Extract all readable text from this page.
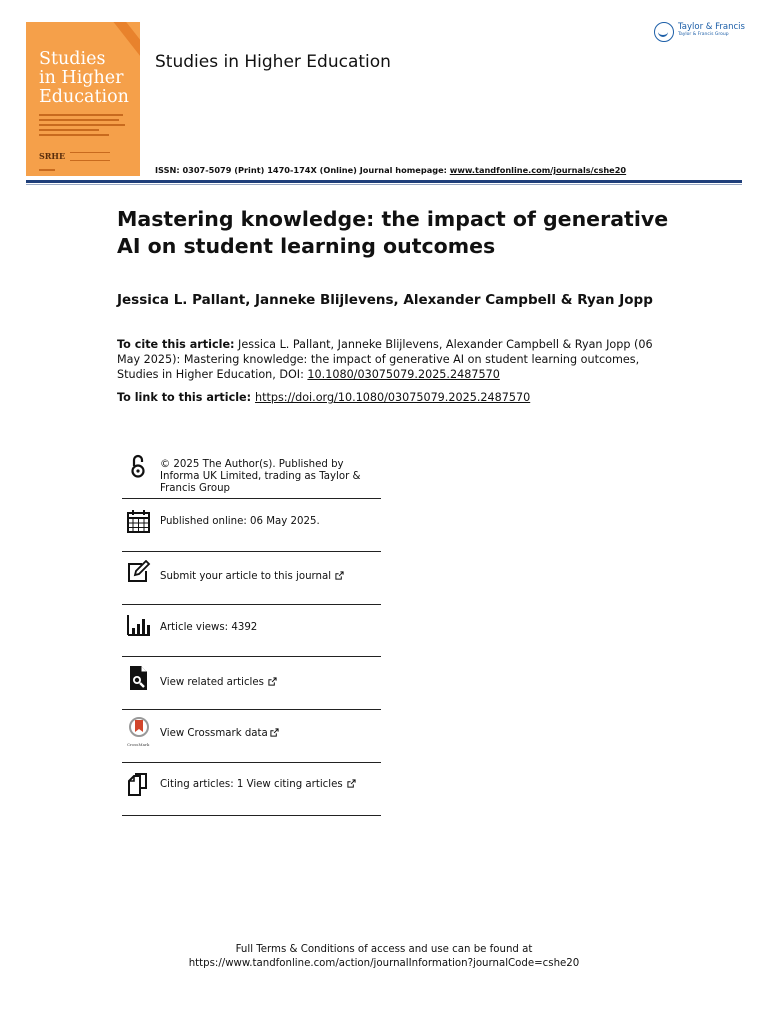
Studies
in Higher
Education
SRHE
Studies in Higher Education
Taylor & Francis
Taylor & Francis Group
ISSN: 0307-5079 (Print) 1470-174X (Online) Journal homepage: www.tandfonline.com/journals/cshe20
Mastering knowledge: the impact of generative AI on student learning outcomes
Jessica L. Pallant, Janneke Blijlevens, Alexander Campbell & Ryan Jopp
To cite this article: Jessica L. Pallant, Janneke Blijlevens, Alexander Campbell & Ryan Jopp (06 May 2025): Mastering knowledge: the impact of generative AI on student learning outcomes, Studies in Higher Education, DOI: 10.1080/03075079.2025.2487570
To link to this article: https://doi.org/10.1080/03075079.2025.2487570
© 2025 The Author(s). Published by Informa UK Limited, trading as Taylor & Francis Group
Published online: 06 May 2025.
Submit your article to this journal
Article views: 4392
View related articles
CrossMark
View Crossmark data
Citing articles: 1 View citing articles
Full Terms & Conditions of access and use can be found at
https://www.tandfonline.com/action/journalInformation?journalCode=cshe20
